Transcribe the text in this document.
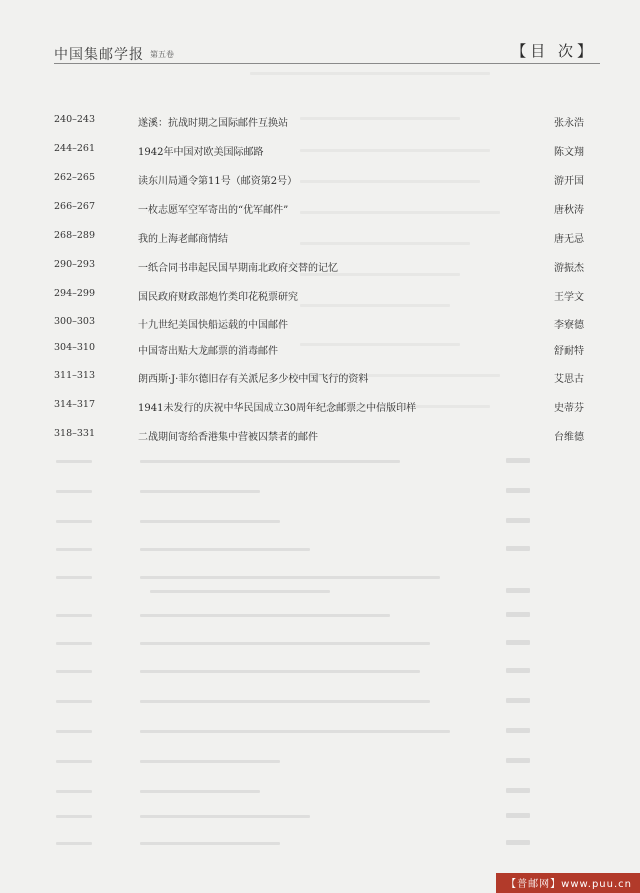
中国集邮学报 第五卷	【目 次】
240–243	遂溪：抗战时期之国际邮件互换站	张永浩
244–261	1942年中国对欧美国际邮路	陈文翔
262–265	读东川局通令第11号（邮资第2号）	游开国
266–267	一枚志愿军空军寄出的“优军邮件”	唐秋涛
268–289	我的上海老邮商情结	唐无忌
290–293	一纸合同书串起民国早期南北政府交替的记忆	游振杰
294–299	国民政府财政部炮竹类印花税票研究	王学文
300–303	十九世纪美国快船运载的中国邮件	李寮德
304–310	中国寄出贴大龙邮票的消毒邮件	舒耐特
311–313	朗西斯·J·菲尔德旧存有关派尼多少校中国飞行的资料	艾思古
314–317	1941未发行的庆祝中华民国成立30周年纪念邮票之中信版印样	史蒂芬
318–331	二战期间寄给香港集中营被囚禁者的邮件	台维德
【普邮网】www.puu.cn
